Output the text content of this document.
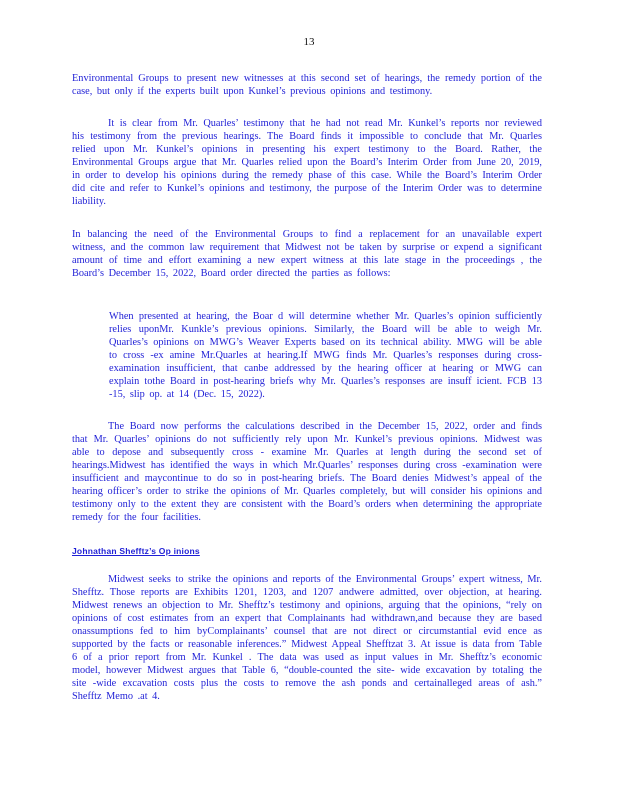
13

Environmental Groups to present new witnesses at this second set of hearings, the remedy portion of the case, but only if the experts built upon Kunkel’s previous opinions and testimony.

It is clear from Mr. Quarles’ testimony that he had not read Mr. Kunkel’s reports nor reviewed his testimony from the previous hearings. The Board finds it impossible to conclude that Mr. Quarles relied upon Mr. Kunkel’s opinions in presenting his expert testimony to the Board. Rather, the Environmental Groups argue that Mr. Quarles relied upon the Board’s Interim Order from June 20, 2019, in order to develop his opinions during the remedy phase of this case. While the Board’s Interim Order did cite and refer to Kunkel’s opinions and testimony, the purpose of the Interim Order was to determine liability.

In balancing the need of the Environmental Groups to find a replacement for an unavailable expert witness, and the common law requirement that Midwest not be taken by surprise or expend a significant amount of time and effort examining a new expert witness at this late stage in the proceedings , the Board’s December 15, 2022, Board order directed the parties as follows:

When presented at hearing, the Boar d will determine whether Mr. Quarles’s opinion sufficiently relies uponMr. Kunkle’s previous opinions. Similarly, the Board will be able to weigh Mr. Quarles’s opinions on MWG’s Weaver Experts based on its technical ability. MWG will be able to cross -ex amine Mr.Quarles at hearing.If MWG finds Mr. Quarles’s responses during cross-examination insufficient, that canbe addressed by the hearing officer at hearing or MWG can explain tothe Board in post-hearing briefs why Mr. Quarles’s responses are insuff icient. FCB 13 -15, slip op. at 14 (Dec. 15, 2022).

The Board now performs the calculations described in the December 15, 2022, order and finds that Mr. Quarles’ opinions do not sufficiently rely upon Mr. Kunkel’s previous opinions. Midwest was able to depose and subsequently cross - examine Mr. Quarles at length during the second set of hearings.Midwest has identified the ways in which Mr.Quarles’ responses during cross -examination were insufficient and maycontinue to do so in post-hearing briefs. The Board denies Midwest’s appeal of the hearing officer’s order to strike the opinions of Mr. Quarles completely, but will consider his opinions and testimony only to the extent they are consistent with the Board’s orders when determining the appropriate remedy for the four facilities.

Johnathan Shefftz’s Op inions

Midwest seeks to strike the opinions and reports of the Environmental Groups’ expert witness, Mr. Shefftz. Those reports are Exhibits 1201, 1203, and 1207 andwere admitted, over objection, at hearing. Midwest renews an objection to Mr. Shefftz’s testimony and opinions, arguing that the opinions, “rely on opinions of cost estimates from an expert that Complainants had withdrawn,and because they are based onassumptions fed to him byComplainants’ counsel that are not direct or circumstantial evid ence as supported by the facts or reasonable inferences.” Midwest Appeal Shefftzat 3. At issue is data from Table 6 of a prior report from Mr. Kunkel . The data was used as input values in Mr. Shefftz’s economic model, however Midwest argues that Table 6, “double-counted the site- wide excavation by totaling the site -wide excavation costs plus the costs to remove the ash ponds and certainalleged areas of ash.” Shefftz Memo .at 4.
